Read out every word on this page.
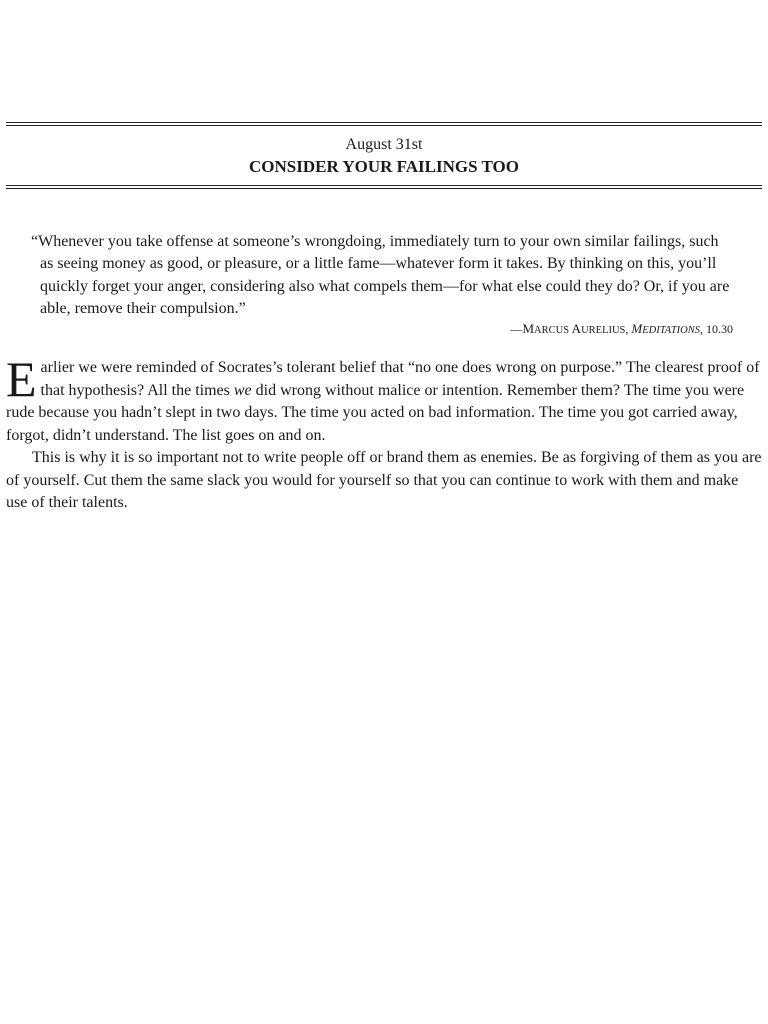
August 31st
CONSIDER YOUR FAILINGS TOO

“Whenever you take offense at someone’s wrongdoing, immediately turn to your own similar failings, such as seeing money as good, or pleasure, or a little fame—whatever form it takes. By thinking on this, you’ll quickly forget your anger, considering also what compels them—for what else could they do? Or, if you are able, remove their compulsion.”

—MARCUS AURELIUS, MEDITATIONS, 10.30

Earlier we were reminded of Socrates’s tolerant belief that “no one does wrong on purpose.” The clearest proof of that hypothesis? All the times we did wrong without malice or intention. Remember them? The time you were rude because you hadn’t slept in two days. The time you acted on bad information. The time you got carried away, forgot, didn’t understand. The list goes on and on.

This is why it is so important not to write people off or brand them as enemies. Be as forgiving of them as you are of yourself. Cut them the same slack you would for yourself so that you can continue to work with them and make use of their talents.
